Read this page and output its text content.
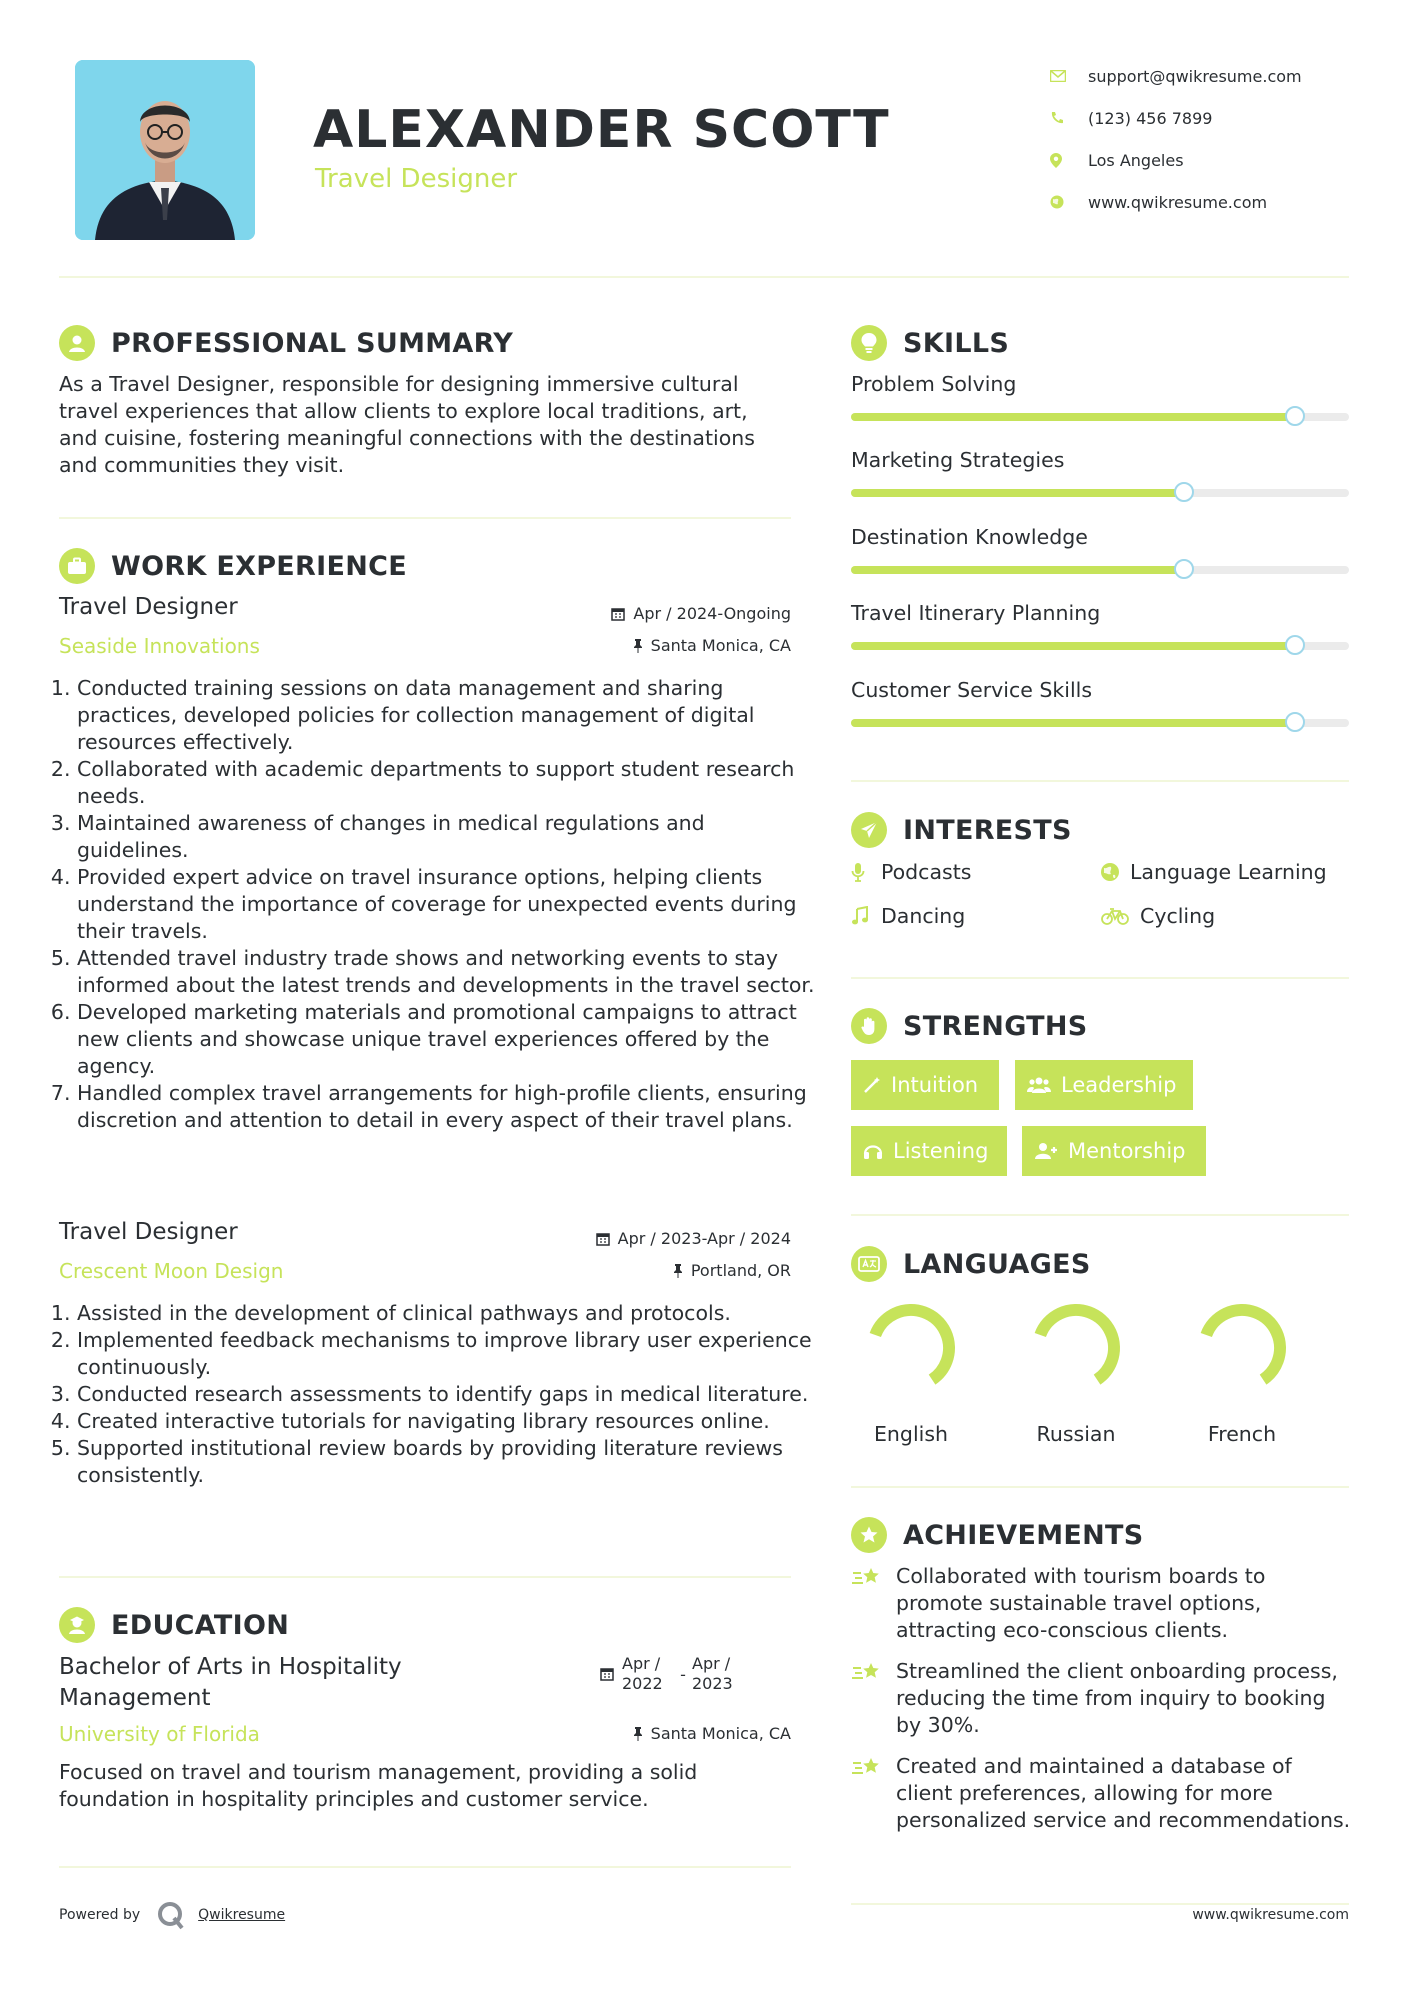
ALEXANDER SCOTT
Travel Designer
support@qwikresume.com
(123) 456 7899
Los Angeles
www.qwikresume.com
PROFESSIONAL SUMMARY
As a Travel Designer, responsible for designing immersive cultural travel experiences that allow clients to explore local traditions, art, and cuisine, fostering meaningful connections with the destinations and communities they visit.
WORK EXPERIENCE
Travel Designer	Apr / 2024-Ongoing
Seaside Innovations	Santa Monica, CA
1. Conducted training sessions on data management and sharing practices, developed policies for collection management of digital resources effectively.
2. Collaborated with academic departments to support student research needs.
3. Maintained awareness of changes in medical regulations and guidelines.
4. Provided expert advice on travel insurance options, helping clients understand the importance of coverage for unexpected events during their travels.
5. Attended travel industry trade shows and networking events to stay informed about the latest trends and developments in the travel sector.
6. Developed marketing materials and promotional campaigns to attract new clients and showcase unique travel experiences offered by the agency.
7. Handled complex travel arrangements for high-profile clients, ensuring discretion and attention to detail in every aspect of their travel plans.
Travel Designer	Apr / 2023-Apr / 2024
Crescent Moon Design	Portland, OR
1. Assisted in the development of clinical pathways and protocols.
2. Implemented feedback mechanisms to improve library user experience continuously.
3. Conducted research assessments to identify gaps in medical literature.
4. Created interactive tutorials for navigating library resources online.
5. Supported institutional review boards by providing literature reviews consistently.
EDUCATION
Bachelor of Arts in Hospitality Management
Apr / 2022	-
Apr / 2023
University of Florida	Santa Monica, CA
Focused on travel and tourism management, providing a solid foundation in hospitality principles and customer service.
Powered by	Qwikresume
SKILLS
Problem Solving
Marketing Strategies
Destination Knowledge
Travel Itinerary Planning
Customer Service Skills
INTERESTS
Podcasts	Language Learning
Dancing	Cycling
STRENGTHS
Intuition	Leadership
Listening	Mentorship
LANGUAGES
English	Russian	French
ACHIEVEMENTS
Collaborated with tourism boards to promote sustainable travel options, attracting eco-conscious clients.
Streamlined the client onboarding process, reducing the time from inquiry to booking by 30%.
Created and maintained a database of client preferences, allowing for more personalized service and recommendations.
www.qwikresume.com
